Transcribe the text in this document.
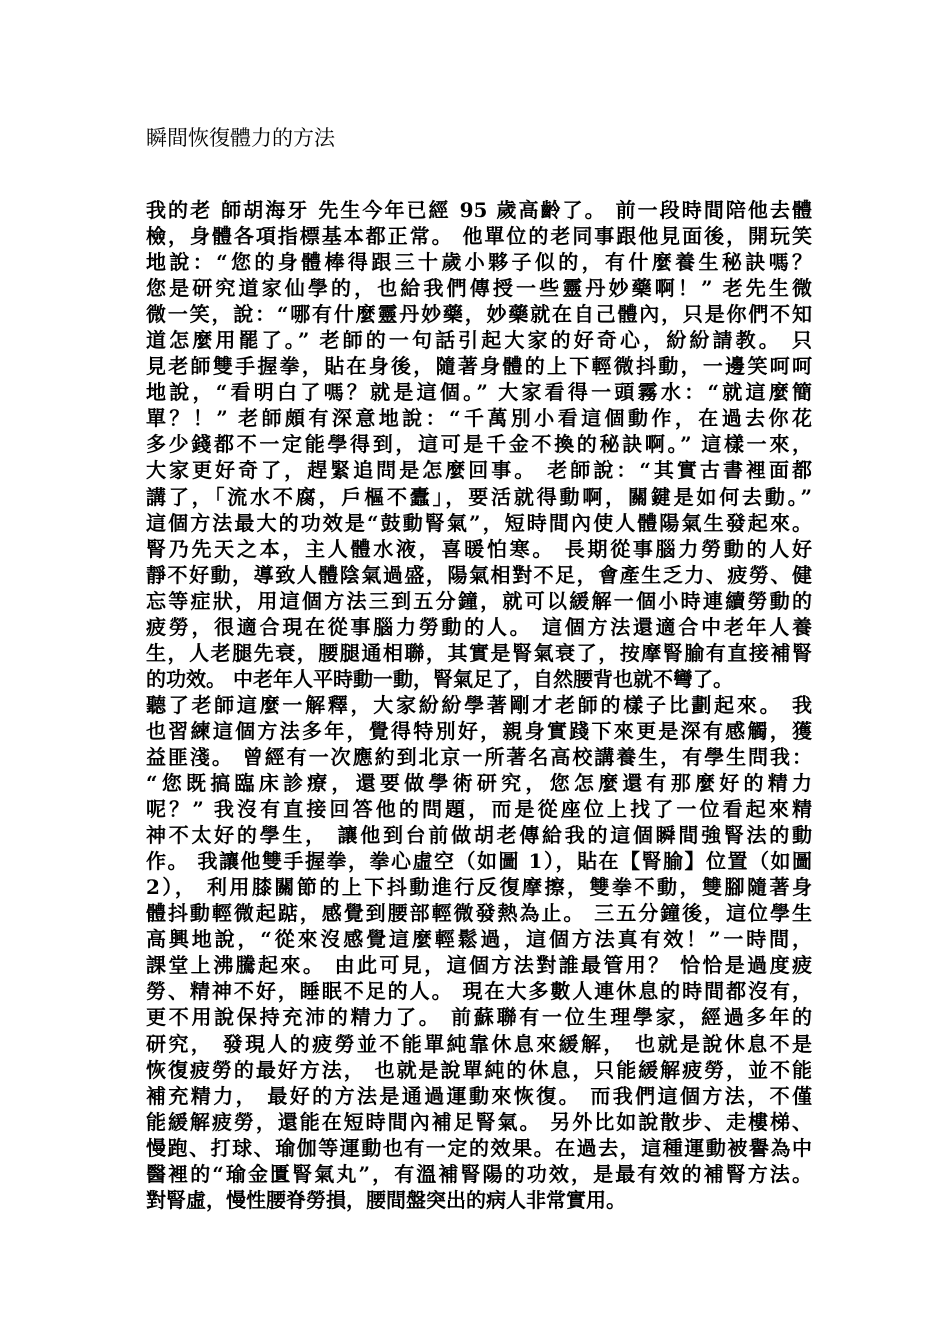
瞬間恢復體力的方法
我的老 師胡海牙 先生今年已經 95 歲高齡了。 前一段時間陪他去體
檢，身體各項指標基本都正常。 他單位的老同事跟他見面後，開玩笑
地說：“您的身體棒得跟三十歲小夥子似的，有什麼養生秘訣嗎？
您是研究道家仙學的，也給我們傳授一些靈丹妙藥啊！” 老先生微
微一笑，說：“哪有什麼靈丹妙藥，妙藥就在自己體內，只是你們不知
道怎麼用罷了。” 老師的一句話引起大家的好奇心，紛紛請教。 只
見老師雙手握拳，貼在身後，隨著身體的上下輕微抖動，一邊笑呵呵
地說，“看明白了嗎？就是這個。” 大家看得一頭霧水：“就這麼簡
單？！” 老師頗有深意地說：“千萬別小看這個動作，在過去你花
多少錢都不一定能學得到，這可是千金不換的秘訣啊。” 這樣一來，
大家更好奇了，趕緊追問是怎麼回事。 老師說：“其實古書裡面都
講了，「流水不腐，戶樞不蠹」，要活就得動啊，關鍵是如何去動。”
這個方法最大的功效是“鼓動腎氣”，短時間內使人體陽氣生發起來。
腎乃先天之本，主人體水液，喜暖怕寒。 長期從事腦力勞動的人好
靜不好動，導致人體陰氣過盛，陽氣相對不足，會產生乏力、疲勞、健
忘等症狀，用這個方法三到五分鐘，就可以緩解一個小時連續勞動的
疲勞，很適合現在從事腦力勞動的人。 這個方法還適合中老年人養
生，人老腿先衰，腰腿通相聯，其實是腎氣衰了，按摩腎腧有直接補腎
的功效。 中老年人平時動一動，腎氣足了，自然腰背也就不彎了。
聽了老師這麼一解釋，大家紛紛學著剛才老師的樣子比劃起來。 我
也習練這個方法多年，覺得特別好，親身實踐下來更是深有感觸，獲
益匪淺。 曾經有一次應約到北京一所著名高校講養生，有學生問我：
“您既搞臨床診療，還要做學術研究，您怎麼還有那麼好的精力
呢？” 我沒有直接回答他的問題，而是從座位上找了一位看起來精
神不太好的學生， 讓他到台前做胡老傳給我的這個瞬間強腎法的動
作。 我讓他雙手握拳，拳心虛空（如圖 1），貼在【腎腧】位置（如圖
2）， 利用膝關節的上下抖動進行反復摩擦，雙拳不動，雙腳隨著身
體抖動輕微起踮，感覺到腰部輕微發熱為止。 三五分鐘後，這位學生
高興地說，“從來沒感覺這麼輕鬆過，這個方法真有效！”一時間，
課堂上沸騰起來。 由此可見，這個方法對誰最管用？ 恰恰是過度疲
勞、精神不好，睡眠不足的人。 現在大多數人連休息的時間都沒有，
更不用說保持充沛的精力了。 前蘇聯有一位生理學家，經過多年的
研究， 發現人的疲勞並不能單純靠休息來緩解， 也就是說休息不是
恢復疲勞的最好方法， 也就是說單純的休息，只能緩解疲勞，並不能
補充精力， 最好的方法是通過運動來恢復。 而我們這個方法，不僅
能緩解疲勞，還能在短時間內補足腎氣。 另外比如說散步、走樓梯、
慢跑、打球、瑜伽等運動也有一定的效果。在過去，這種運動被譽為中
醫裡的“瑜金匱腎氣丸”，有溫補腎陽的功效，是最有效的補腎方法。
對腎虛，慢性腰脊勞損，腰間盤突出的病人非常實用。
